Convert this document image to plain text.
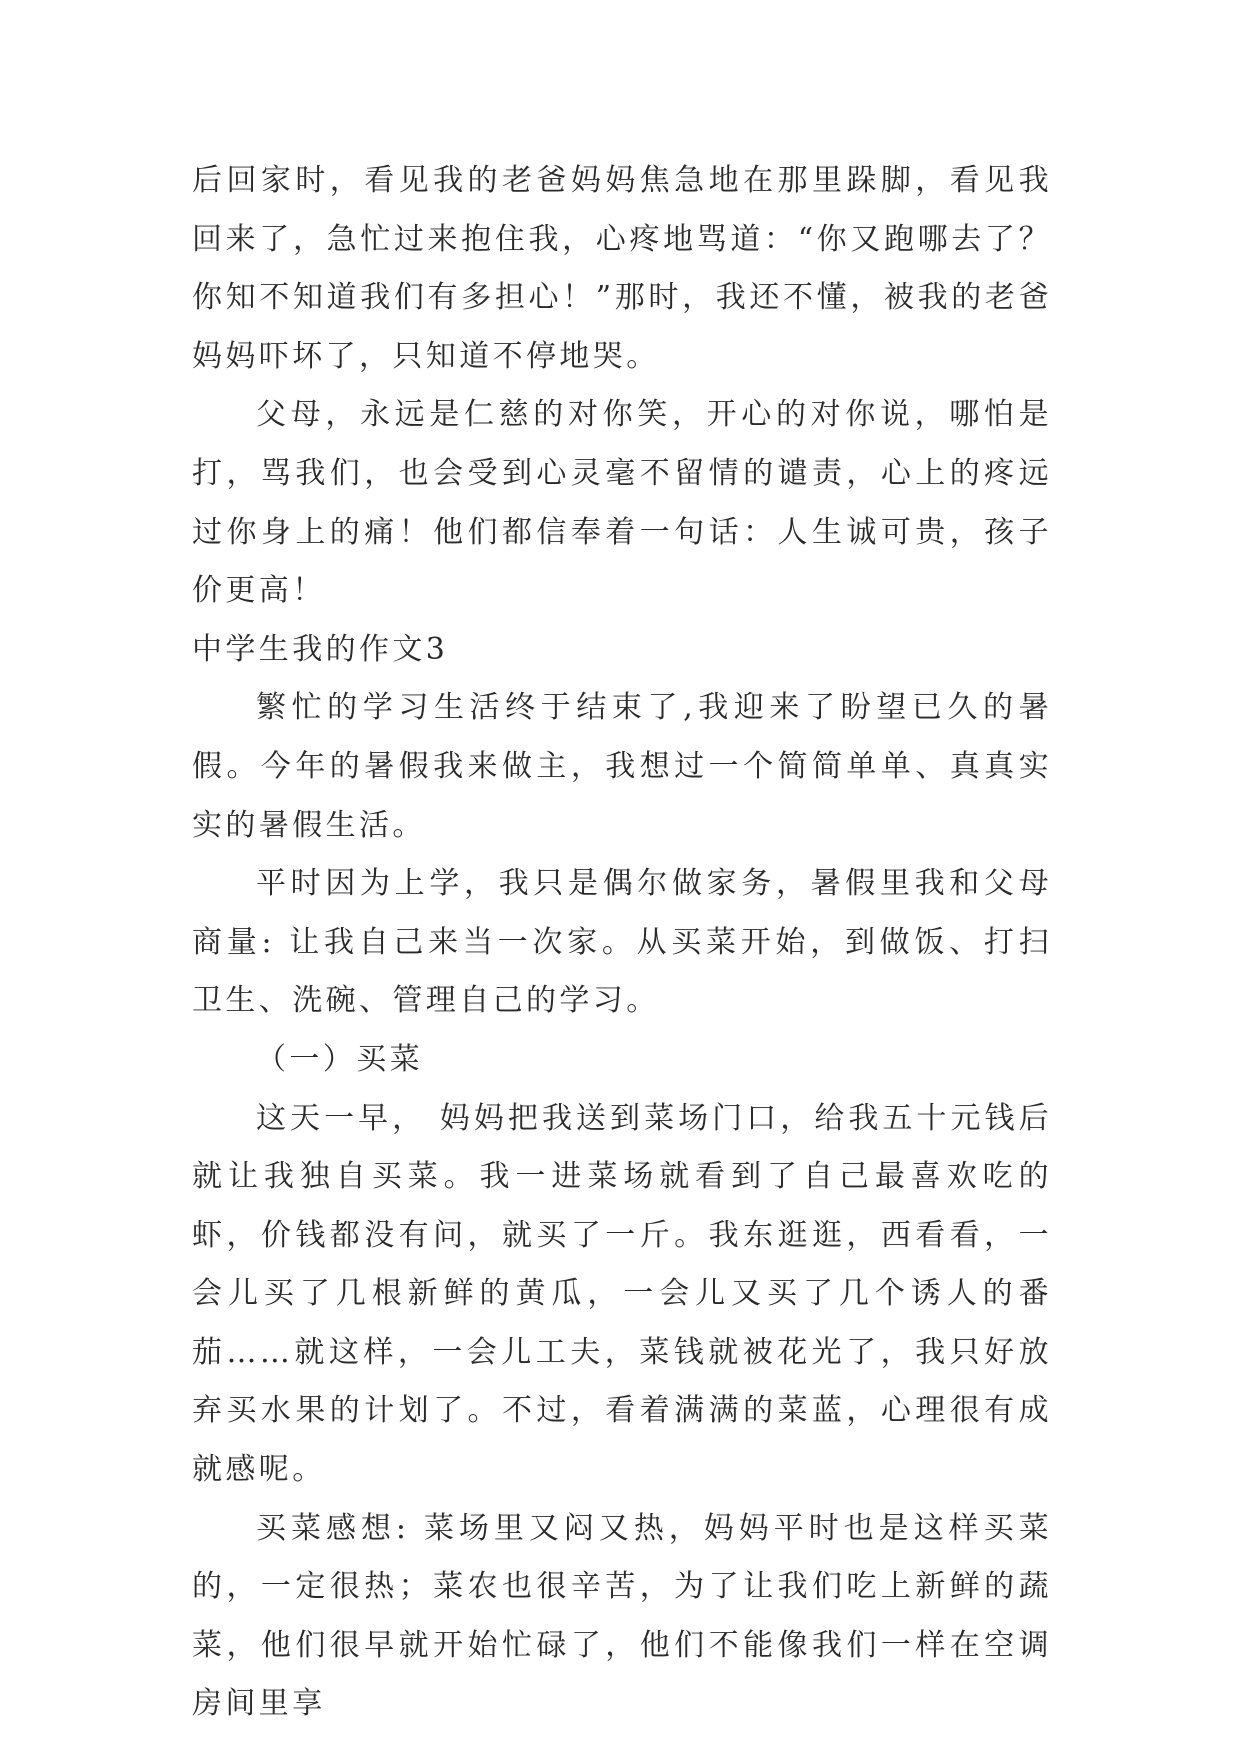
后回家时，看见我的老爸妈妈焦急地在那里跺脚，看见我回来了，急忙过来抱住我，心疼地骂道：“你又跑哪去了？你知不知道我们有多担心！”那时，我还不懂，被我的老爸妈妈吓坏了，只知道不停地哭。

父母，永远是仁慈的对你笑，开心的对你说，哪怕是打，骂我们，也会受到心灵毫不留情的谴责，心上的疼远过你身上的痛！他们都信奉着一句话：人生诚可贵，孩子价更高！

中学生我的作文3

繁忙的学习生活终于结束了,我迎来了盼望已久的暑假。今年的暑假我来做主，我想过一个简简单单、真真实实的暑假生活。

平时因为上学，我只是偶尔做家务，暑假里我和父母商量: 让我自己来当一次家。从买菜开始，到做饭、打扫卫生、洗碗、管理自己的学习。

（一）买菜

这天一早， 妈妈把我送到菜场门口，给我五十元钱后就让我独自买菜。我一进菜场就看到了自己最喜欢吃的虾，价钱都没有问，就买了一斤。我东逛逛，西看看，一会儿买了几根新鲜的黄瓜，一会儿又买了几个诱人的番茄……就这样，一会儿工夫，菜钱就被花光了，我只好放弃买水果的计划了。不过，看着满满的菜蓝，心理很有成就感呢。

买菜感想: 菜场里又闷又热，妈妈平时也是这样买菜的，一定很热；菜农也很辛苦，为了让我们吃上新鲜的蔬菜，他们很早就开始忙碌了，他们不能像我们一样在空调房间里享
